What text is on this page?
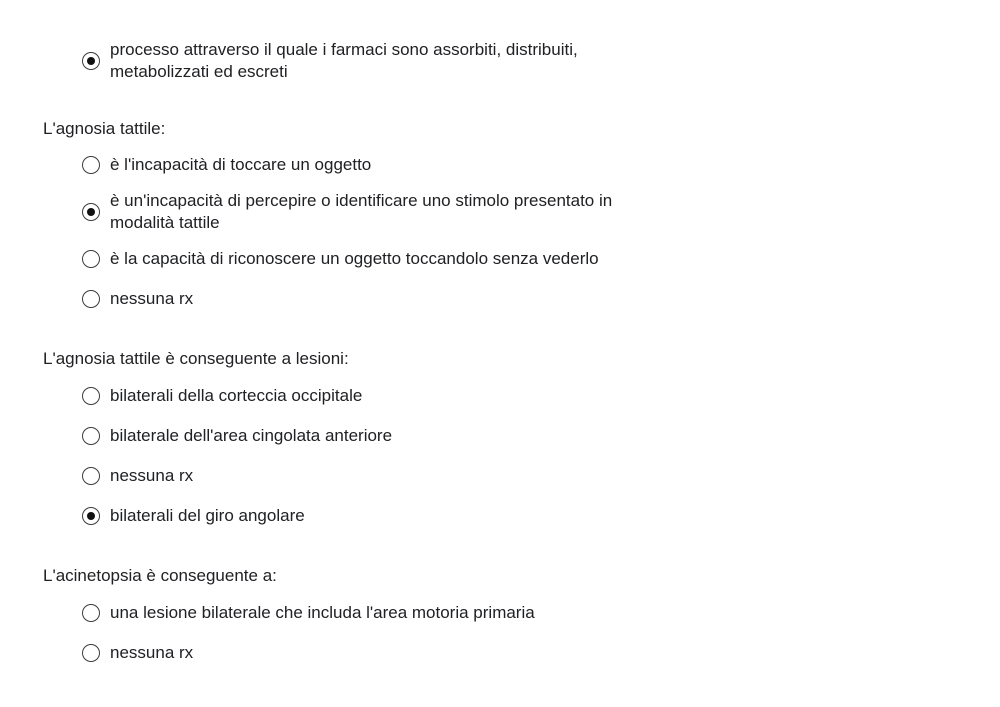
processo attraverso il quale i farmaci sono assorbiti, distribuiti, metabolizzati ed escreti
L'agnosia tattile:
è l'incapacità di toccare un oggetto
è un'incapacità di percepire o identificare uno stimolo presentato in modalità tattile
è la capacità di riconoscere un oggetto toccandolo senza vederlo
nessuna rx
L'agnosia tattile è conseguente a lesioni:
bilaterali della corteccia occipitale
bilaterale dell'area cingolata anteriore
nessuna rx
bilaterali del giro angolare
L'acinetopsia è conseguente a:
una lesione bilaterale che includa l'area motoria primaria
nessuna rx
